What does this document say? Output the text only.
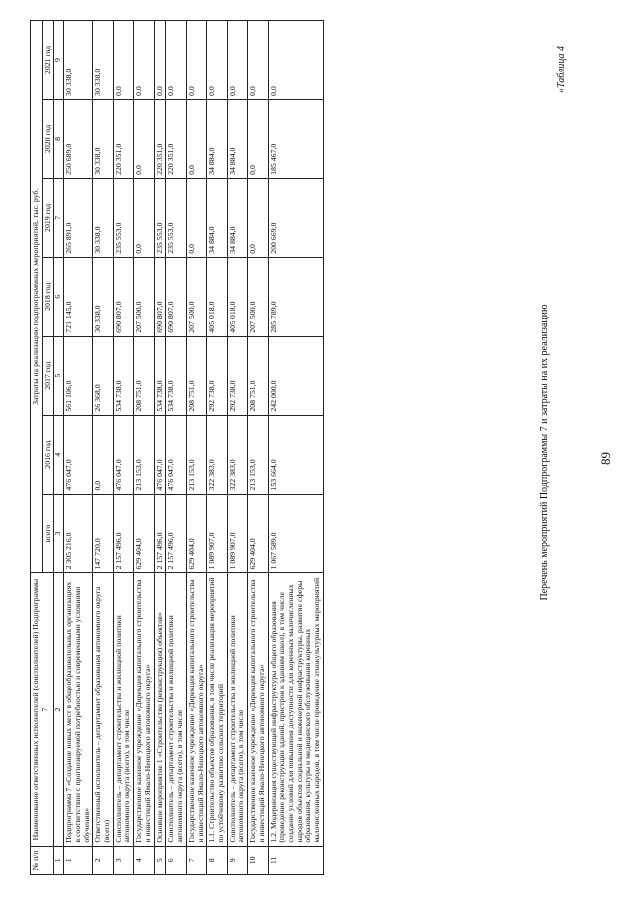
89
«Таблица 4
Перечень мероприятий Подпрограммы 7 и затраты на их реализацию
№ п/п	Наименование ответственных исполнителей (соисполнителей) Подпрограммы 7	Затраты на реализацию подпрограммных мероприятий, тыс. руб.						
		всего	2016 год	2017 год	2018 год	2019 год	2020 год	2021 год
1	2	3	4	5	6	7	8	9
1	Подпрограмма 7 «Создание новых мест в общеобразовательных организациях в соответствии с прогнозируемой потребностью и современными условиями обучения»	2 305 216,0	476 047,0	561 106,0	721 145,0	265 891,0	250 689,0	30 338,0
2	Ответственный исполнитель – департамент образования автономного округа (всего)	147 720,0	0,0	26 368,0	30 338,0	30 338,0	30 338,0	30 338,0
3	Соисполнитель – департамент строительства и жилищной политики автономного округа (всего), в том числе	2 157 496,0	476 047,0	534 738,0	690 807,0	235 553,0	220 351,0	0,0
4	Государственное казенное учреждение «Дирекция капитального строительства и инвестиций Ямало-Ненецкого автономного округа»	629 404,0	213 153,0	208 751,0	207 500,0	0,0	0,0	0,0
5	Основное мероприятие 1 «Строительство (реконструкция) объектов»	2 157 496,0	476 047,0	534 738,0	690 807,0	235 553,0	220 351,0	0,0
6	Соисполнитель – департамент строительства и жилищной политики автономного округа (всего), в том числе	2 157 496,0	476 047,0	534 738,0	690 807,0	235 553,0	220 351,0	0,0
7	Государственное казенное учреждение «Дирекция капитального строительства и инвестиций Ямало-Ненецкого автономного округа»	629 404,0	213 153,0	208 751,0	207 500,0	0,0	0,0	0,0
8	1.1. Строительство объектов образования, в том числе реализация мероприятий по устойчивому развитию сельских территорий	1 089 907,0	322 383,0	292 738,0	405 018,0	34 884,0	34 884,0	0,0
9	Соисполнитель – департамент строительства и жилищной политики автономного округа (всего), в том числе	1 089 907,0	322 383,0	292 738,0	405 018,0	34 884,0	34 884,0	0,0
10	Государственное казенное учреждение «Дирекция капитального строительства и инвестиций Ямало-Ненецкого автономного округа»	629 404,0	213 153,0	208 751,0	207 500,0	0,0	0,0	0,0
11	1.2. Модернизация существующей инфраструктуры общего образования (проведение реконструкции зданий, пристроя к зданиям школ), в том числе создание условий для повышения доступности для коренных малочисленных народов объектов социальной и инженерной инфраструктуры, развитие сферы образования, культуры и медицинского обслуживания коренных малочисленных народов, в том числе проведение этнокультурных мероприятий	1 067 589,0	153 664,0	242 000,0	285 789,0	200 669,0	185 467,0	0,0
